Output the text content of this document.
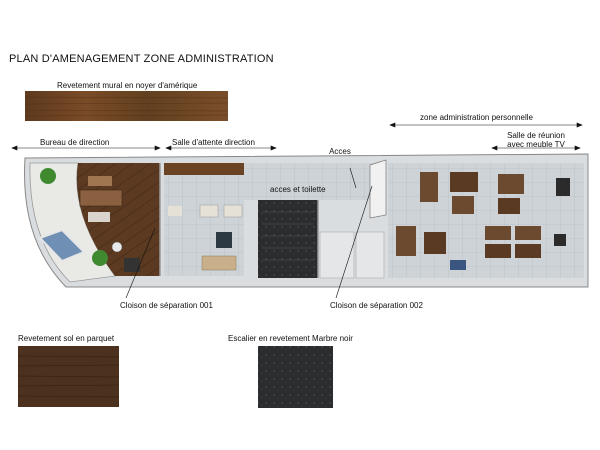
PLAN D'AMENAGEMENT ZONE ADMINISTRATION
Revetement mural en noyer d'amérique
Bureau de direction	Salle d'attente direction
Acces
zone administration personnelle
Salle de réunion
avec meuble TV
Cloison de séparation 001	Cloison de séparation 002
acces et toilette
Revetement sol en parquet	Escalier en revetement Marbre noir
